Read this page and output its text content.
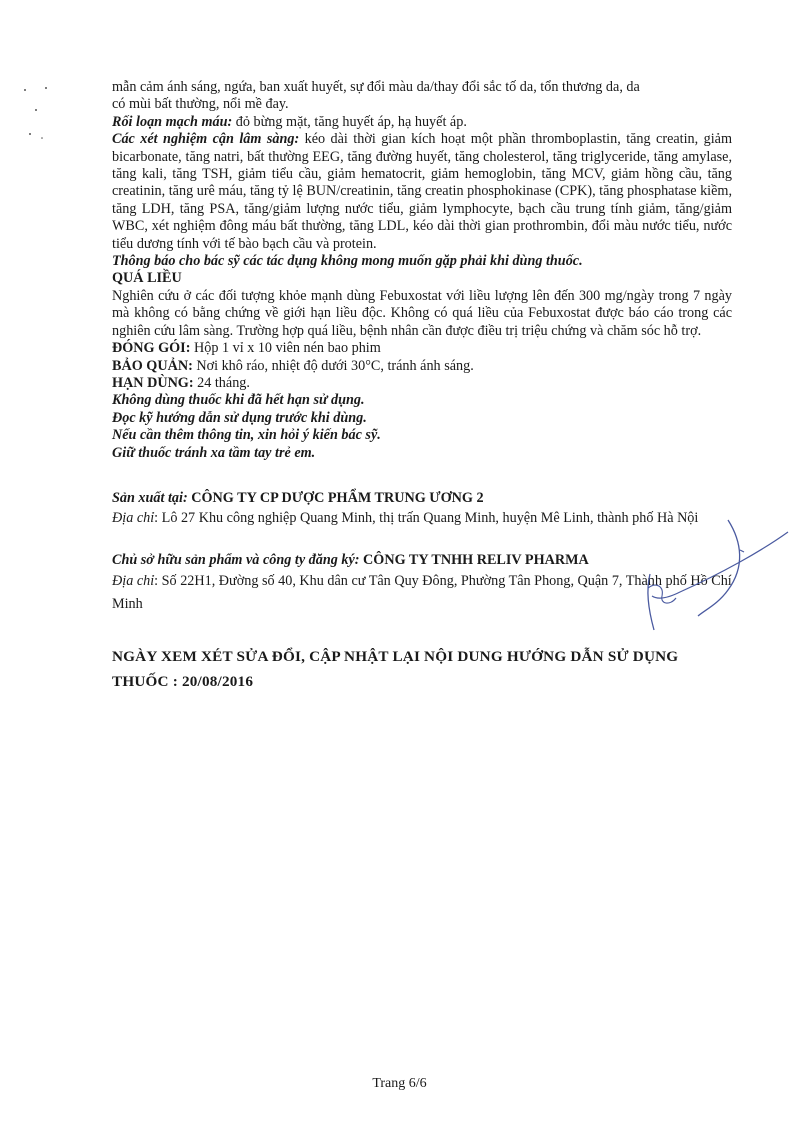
mẫn cảm ánh sáng, ngứa, ban xuất huyết, sự đổi màu da/thay đổi sắc tố da, tổn thương da, da

có mùi bất thường, nổi mề đay.

Rối loạn mạch máu: đỏ bừng mặt, tăng huyết áp, hạ huyết áp.

Các xét nghiệm cận lâm sàng: kéo dài thời gian kích hoạt một phần thromboplastin, tăng creatin, giảm bicarbonate, tăng natri, bất thường EEG, tăng đường huyết, tăng cholesterol, tăng triglyceride, tăng amylase, tăng kali, tăng TSH, giảm tiểu cầu, giảm hematocrit, giảm hemoglobin, tăng MCV, giảm hồng cầu, tăng creatinin, tăng urê máu, tăng tỷ lệ BUN/creatinin, tăng creatin phosphokinase (CPK), tăng phosphatase kiềm, tăng LDH, tăng PSA, tăng/giảm lượng nước tiểu, giảm lymphocyte, bạch cầu trung tính giảm, tăng/giảm WBC, xét nghiệm đông máu bất thường, tăng LDL, kéo dài thời gian prothrombin, đổi màu nước tiểu, nước tiểu dương tính với tế bào bạch cầu và protein.

Thông báo cho bác sỹ các tác dụng không mong muốn gặp phải khi dùng thuốc.

QUÁ LIỀU

Nghiên cứu ở các đối tượng khỏe mạnh dùng Febuxostat với liều lượng lên đến 300 mg/ngày trong 7 ngày mà không có bằng chứng về giới hạn liều độc. Không có quá liều của Febuxostat được báo cáo trong các nghiên cứu lâm sàng. Trường hợp quá liều, bệnh nhân cần được điều trị triệu chứng và chăm sóc hỗ trợ.

ĐÓNG GÓI: Hộp 1 vỉ x 10 viên nén bao phim

BẢO QUẢN: Nơi khô ráo, nhiệt độ dưới 30°C, tránh ánh sáng.

HẠN DÙNG: 24 tháng.

Không dùng thuốc khi đã hết hạn sử dụng.

Đọc kỹ hướng dẫn sử dụng trước khi dùng.

Nếu cần thêm thông tin, xin hỏi ý kiến bác sỹ.

Giữ thuốc tránh xa tầm tay trẻ em.

Sản xuất tại: CÔNG TY CP DƯỢC PHẨM TRUNG ƯƠNG 2

Địa chỉ: Lô 27 Khu công nghiệp Quang Minh, thị trấn Quang Minh, huyện Mê Linh, thành phố Hà Nội

Chủ sở hữu sản phẩm và công ty đăng ký: CÔNG TY TNHH RELIV PHARMA

Địa chỉ: Số 22H1, Đường số 40, Khu dân cư Tân Quy Đông, Phường Tân Phong, Quận 7, Thành phố Hồ Chí Minh

NGÀY XEM XÉT SỬA ĐỔI, CẬP NHẬT LẠI NỘI DUNG HƯỚNG DẪN SỬ DỤNG THUỐC : 20/08/2016

Trang 6/6
